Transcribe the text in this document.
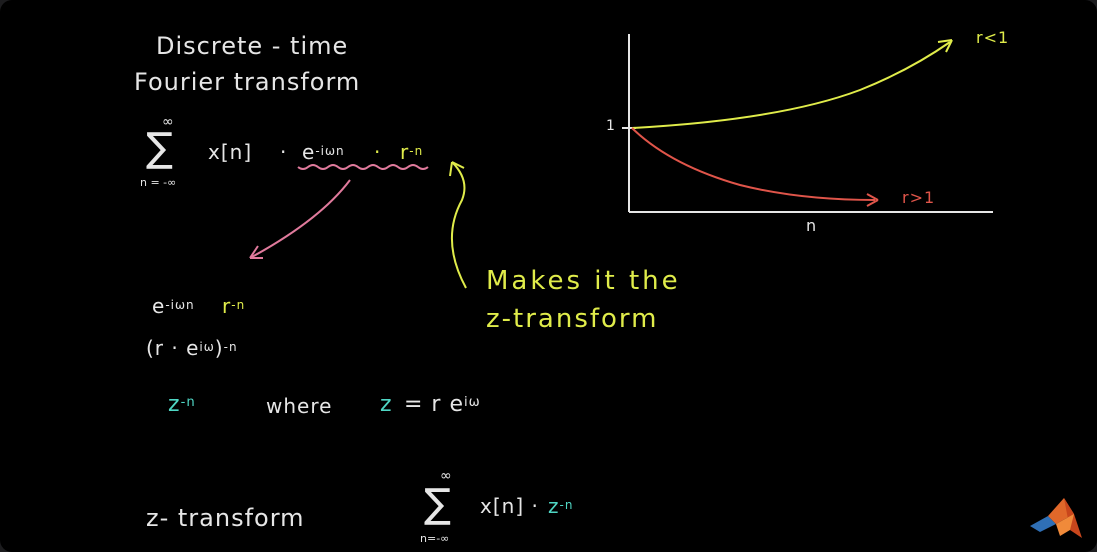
Discrete - time
Fourier transform
∞
∑
n = -∞
$x[n] \cdot e^{-i\omega n} \cdot r^{-n}$
Makes it the
z-transform
$e^{-i\omega n}$ $r^{-n}$
$(r \cdot e^{i\omega})^{-n}$
$z^{-n}$	where z = r $e^{i\omega}$
z- transform
∞
∑
n=-∞
$x[n] \cdot z^{-n}$
1
n
r<1
r>1
